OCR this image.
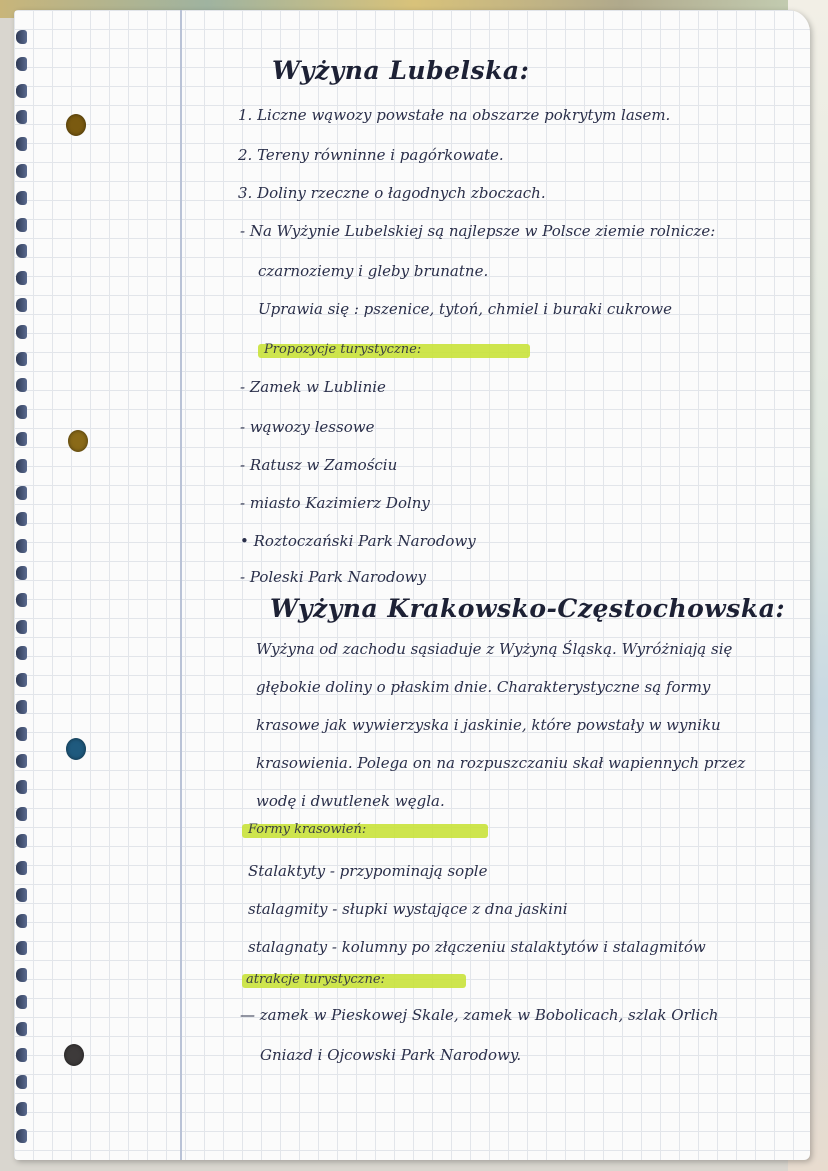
Wyżyna Lubelska:
1. Liczne wąwozy powstałe na obszarze pokrytym lasem.
2. Tereny równinne i pagórkowate.
3. Doliny rzeczne o łagodnych zboczach.
- Na Wyżynie Lubelskiej są najlepsze w Polsce ziemie rolnicze:
czarnoziemy i gleby brunatne.
Uprawia się : pszenice, tytoń, chmiel i buraki cukrowe
Propozycje turystyczne:
- Zamek w Lublinie
- wąwozy lessowe
- Ratusz w Zamościu
- miasto Kazimierz Dolny
• Roztoczański Park Narodowy
- Poleski Park Narodowy
Wyżyna Krakowsko-Częstochowska:
Wyżyna od zachodu sąsiaduje z Wyżyną Śląską. Wyróżniają się
głębokie doliny o płaskim dnie. Charakterystyczne są formy
krasowe jak wywierzyska i jaskinie, które powstały w wyniku
krasowienia. Polega on na rozpuszczaniu skał wapiennych przez
wodę i dwutlenek węgla.
Formy krasowień:
Stalaktyty - przypominają sople
stalagmity - słupki wystające z dna jaskini
stalagnaty - kolumny po złączeniu stalaktytów i stalagmitów
atrakcje turystyczne:
— zamek w Pieskowej Skale, zamek w Bobolicach, szlak Orlich
Gniazd i Ojcowski Park Narodowy.
